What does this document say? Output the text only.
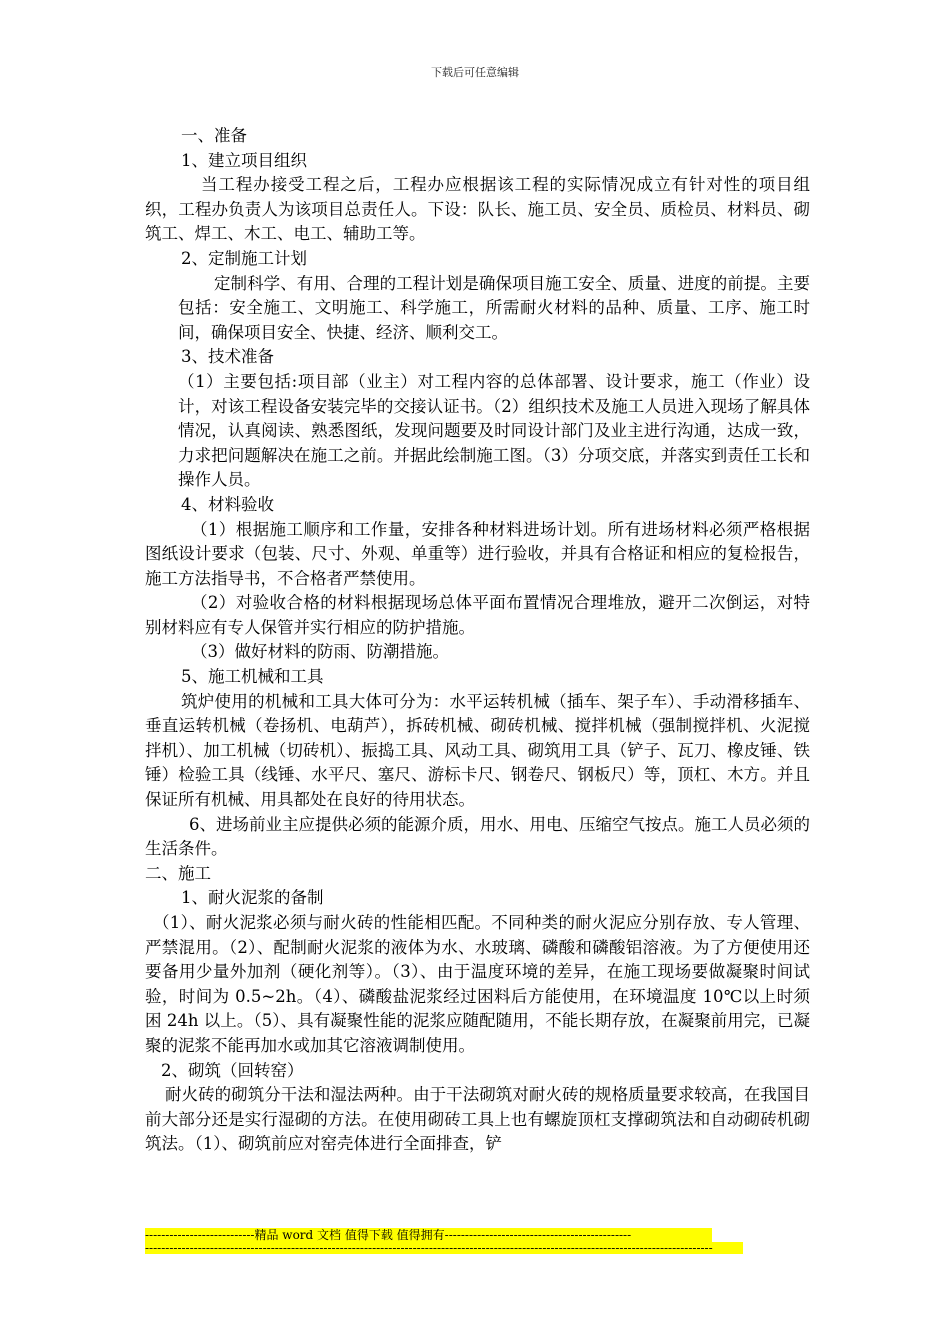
下载后可任意编辑

一、准备

1、建立项目组织

当工程办接受工程之后，工程办应根据该工程的实际情况成立有针对性的项目组织，工程办负责人为该项目总责任人。下设：队长、施工员、安全员、质检员、材料员、砌筑工、焊工、木工、电工、辅助工等。

2、定制施工计划

定制科学、有用、合理的工程计划是确保项目施工安全、质量、进度的前提。主要包括：安全施工、文明施工、科学施工，所需耐火材料的品种、质量、工序、施工时间，确保项目安全、快捷、经济、顺利交工。

3、技术准备

（1）主要包括:项目部（业主）对工程内容的总体部署、设计要求，施工（作业）设计，对该工程设备安装完毕的交接认证书。（2）组织技术及施工人员进入现场了解具体情况，认真阅读、熟悉图纸，发现问题要及时同设计部门及业主进行沟通，达成一致，力求把问题解决在施工之前。并据此绘制施工图。（3）分项交底，并落实到责任工长和操作人员。

4、材料验收

（1）根据施工顺序和工作量，安排各种材料进场计划。所有进场材料必须严格根据图纸设计要求（包装、尺寸、外观、单重等）进行验收，并具有合格证和相应的复检报告，施工方法指导书，不合格者严禁使用。

（2）对验收合格的材料根据现场总体平面布置情况合理堆放，避开二次倒运，对特别材料应有专人保管并实行相应的防护措施。

（3）做好材料的防雨、防潮措施。

5、施工机械和工具

筑炉使用的机械和工具大体可分为：水平运转机械（插车、架子车）、手动滑移插车、垂直运转机械（卷扬机、电葫芦），拆砖机械、砌砖机械、搅拌机械（强制搅拌机、火泥搅拌机）、加工机械（切砖机）、振捣工具、风动工具、砌筑用工具（铲子、瓦刀、橡皮锤、铁锤）检验工具（线锤、水平尺、塞尺、游标卡尺、钢卷尺、钢板尺）等，顶杠、木方。并且保证所有机械、用具都处在良好的待用状态。

6、进场前业主应提供必须的能源介质，用水、用电、压缩空气按点。施工人员必须的生活条件。

二、施工

1、耐火泥浆的备制

（1）、耐火泥浆必须与耐火砖的性能相匹配。不同种类的耐火泥应分别存放、专人管理、严禁混用。（2）、配制耐火泥浆的液体为水、水玻璃、磷酸和磷酸铝溶液。为了方便使用还要备用少量外加剂（硬化剂等）。（3）、由于温度环境的差异，在施工现场要做凝聚时间试验，时间为 0.5~2h。（4）、磷酸盐泥浆经过困料后方能使用，在环境温度 10℃以上时须困 24h 以上。（5）、具有凝聚性能的泥浆应随配随用，不能长期存放，在凝聚前用完，已凝聚的泥浆不能再加水或加其它溶液调制使用。

2、砌筑（回转窑）

耐火砖的砌筑分干法和湿法两种。由于干法砌筑对耐火砖的规格质量要求较高，在我国目前大部分还是实行湿砌的方法。在使用砌砖工具上也有螺旋顶杠支撑砌筑法和自动砌砖机砌筑法。（1）、砌筑前应对窑壳体进行全面排查，铲

---------------------------精品 word 文档 值得下载 值得拥有----------------------------------------------
--------------------------------------------------------------------------------------------------------------------------------------------
